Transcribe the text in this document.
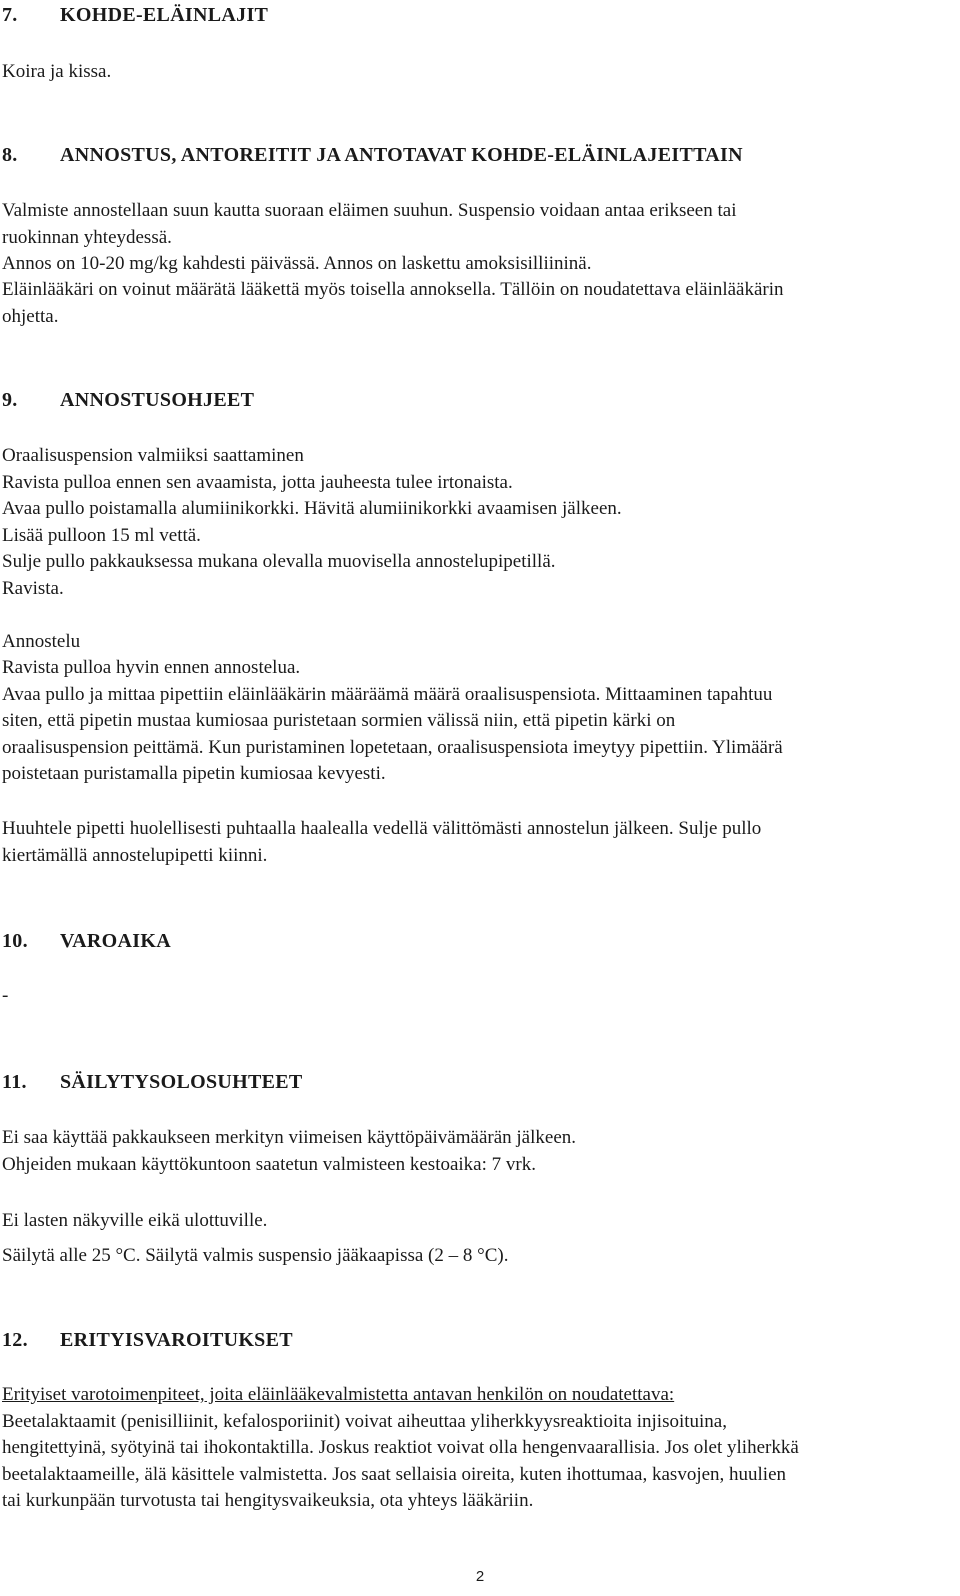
7. KOHDE-ELÄINLAJIT

Koira ja kissa.

8. ANNOSTUS, ANTOREITIT JA ANTOTAVAT KOHDE-ELÄINLAJEITTAIN

Valmiste annostellaan suun kautta suoraan eläimen suuhun. Suspensio voidaan antaa erikseen tai

ruokinnan yhteydessä.

Annos on 10-20 mg/kg kahdesti päivässä. Annos on laskettu amoksisilliininä.

Eläinlääkäri on voinut määrätä lääkettä myös toisella annoksella. Tällöin on noudatettava eläinlääkärin

ohjetta.

9. ANNOSTUSOHJEET

Oraalisuspension valmiiksi saattaminen

Ravista pulloa ennen sen avaamista, jotta jauheesta tulee irtonaista.

Avaa pullo poistamalla alumiinikorkki. Hävitä alumiinikorkki avaamisen jälkeen.

Lisää pulloon 15 ml vettä.

Sulje pullo pakkauksessa mukana olevalla muovisella annostelupipetillä.

Ravista.

Annostelu

Ravista pulloa hyvin ennen annostelua.

Avaa pullo ja mittaa pipettiin eläinlääkärin määräämä määrä oraalisuspensiota. Mittaaminen tapahtuu

siten, että pipetin mustaa kumiosaa puristetaan sormien välissä niin, että pipetin kärki on

oraalisuspension peittämä. Kun puristaminen lopetetaan, oraalisuspensiota imeytyy pipettiin. Ylimäärä

poistetaan puristamalla pipetin kumiosaa kevyesti.

Huuhtele pipetti huolellisesti puhtaalla haalealla vedellä välittömästi annostelun jälkeen. Sulje pullo

kiertämällä annostelupipetti kiinni.

10. VAROAIKA

-

11. SÄILYTYSOLOSUHTEET

Ei saa käyttää pakkaukseen merkityn viimeisen käyttöpäivämäärän jälkeen.

Ohjeiden mukaan käyttökuntoon saatetun valmisteen kestoaika: 7 vrk.

Ei lasten näkyville eikä ulottuville.

Säilytä alle 25 °C. Säilytä valmis suspensio jääkaapissa (2 – 8 °C).

12. ERITYISVAROITUKSET

Erityiset varotoimenpiteet, joita eläinlääkevalmistetta antavan henkilön on noudatettava:

Beetalaktaamit (penisilliinit, kefalosporiinit) voivat aiheuttaa yliherkkyysreaktioita injisoituina,

hengitettyinä, syötyinä tai ihokontaktilla. Joskus reaktiot voivat olla hengenvaarallisia. Jos olet yliherkkä

beetalaktaameille, älä käsittele valmistetta. Jos saat sellaisia oireita, kuten ihottumaa, kasvojen, huulien

tai kurkunpään turvotusta tai hengitysvaikeuksia, ota yhteys lääkäriin.

2
